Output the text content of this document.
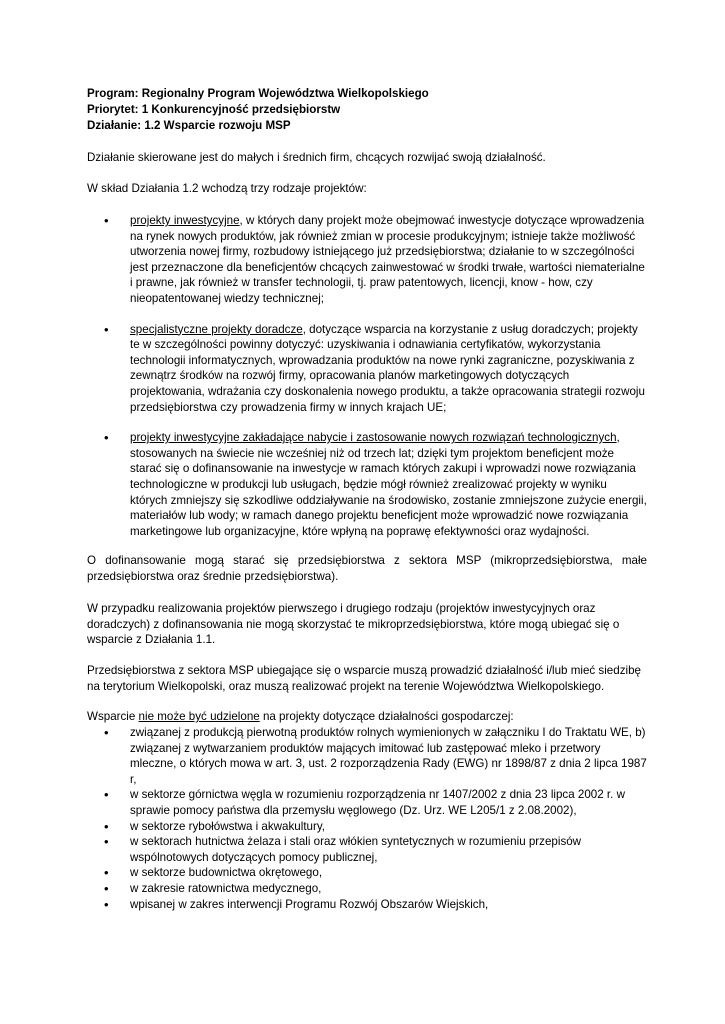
Program: Regionalny Program Województwa Wielkopolskiego
Priorytet: 1 Konkurencyjność przedsiębiorstw
Działanie: 1.2 Wsparcie rozwoju MSP
Działanie skierowane jest do małych i średnich firm, chcących rozwijać swoją działalność.
W skład Działania 1.2 wchodzą trzy rodzaje projektów:
• projekty inwestycyjne, w których dany projekt może obejmować inwestycje dotyczące wprowadzenia na rynek nowych produktów, jak również zmian w procesie produkcyjnym; istnieje także możliwość utworzenia nowej firmy, rozbudowy istniejącego już przedsiębiorstwa; działanie to w szczególności jest przeznaczone dla beneficjentów chcących zainwestować w środki trwałe, wartości niematerialne i prawne, jak również w transfer technologii, tj. praw patentowych, licencji, know - how, czy nieopatentowanej wiedzy technicznej;
• specjalistyczne projekty doradcze, dotyczące wsparcia na korzystanie z usług doradczych; projekty te w szczególności powinny dotyczyć: uzyskiwania i odnawiania certyfikatów, wykorzystania technologii informatycznych, wprowadzania produktów na nowe rynki zagraniczne, pozyskiwania z zewnątrz środków na rozwój firmy, opracowania planów marketingowych dotyczących projektowania, wdrażania czy doskonalenia nowego produktu, a także opracowania strategii rozwoju przedsiębiorstwa czy prowadzenia firmy w innych krajach UE;
• projekty inwestycyjne zakładające nabycie i zastosowanie nowych rozwiązań technologicznych, stosowanych na świecie nie wcześniej niż od trzech lat; dzięki tym projektom beneficjent może starać się o dofinansowanie na inwestycje w ramach których zakupi i wprowadzi nowe rozwiązania technologiczne w produkcji lub usługach, będzie mógł również zrealizować projekty w wyniku których zmniejszy się szkodliwe oddziaływanie na środowisko, zostanie zmniejszone zużycie energii, materiałów lub wody; w ramach danego projektu beneficjent może wprowadzić nowe rozwiązania marketingowe lub organizacyjne, które wpłyną na poprawę efektywności oraz wydajności.
O dofinansowanie mogą starać się przedsiębiorstwa z sektora MSP (mikroprzedsiębiorstwa, małe przedsiębiorstwa oraz średnie przedsiębiorstwa).
W przypadku realizowania projektów pierwszego i drugiego rodzaju (projektów inwestycyjnych oraz doradczych) z dofinansowania nie mogą skorzystać te mikroprzedsiębiorstwa, które mogą ubiegać się o wsparcie z Działania 1.1.
Przedsiębiorstwa z sektora MSP ubiegające się o wsparcie muszą prowadzić działalność i/lub mieć siedzibę na terytorium Wielkopolski, oraz muszą realizować projekt na terenie Województwa Wielkopolskiego.
Wsparcie nie może być udzielone na projekty dotyczące działalności gospodarczej:
• związanej z produkcją pierwotną produktów rolnych wymienionych w załączniku I do Traktatu WE, b) związanej z wytwarzaniem produktów mających imitować lub zastępować mleko i przetwory mleczne, o których mowa w art. 3, ust. 2 rozporządzenia Rady (EWG) nr 1898/87 z dnia 2 lipca 1987 r,
• w sektorze górnictwa węgla w rozumieniu rozporządzenia nr 1407/2002 z dnia 23 lipca 2002 r. w sprawie pomocy państwa dla przemysłu węglowego (Dz. Urz. WE L205/1 z 2.08.2002),
• w sektorze rybołówstwa i akwakultury,
• w sektorach hutnictwa żelaza i stali oraz włókien syntetycznych w rozumieniu przepisów wspólnotowych dotyczących pomocy publicznej,
• w sektorze budownictwa okrętowego,
• w zakresie ratownictwa medycznego,
• wpisanej w zakres interwencji Programu Rozwój Obszarów Wiejskich,
